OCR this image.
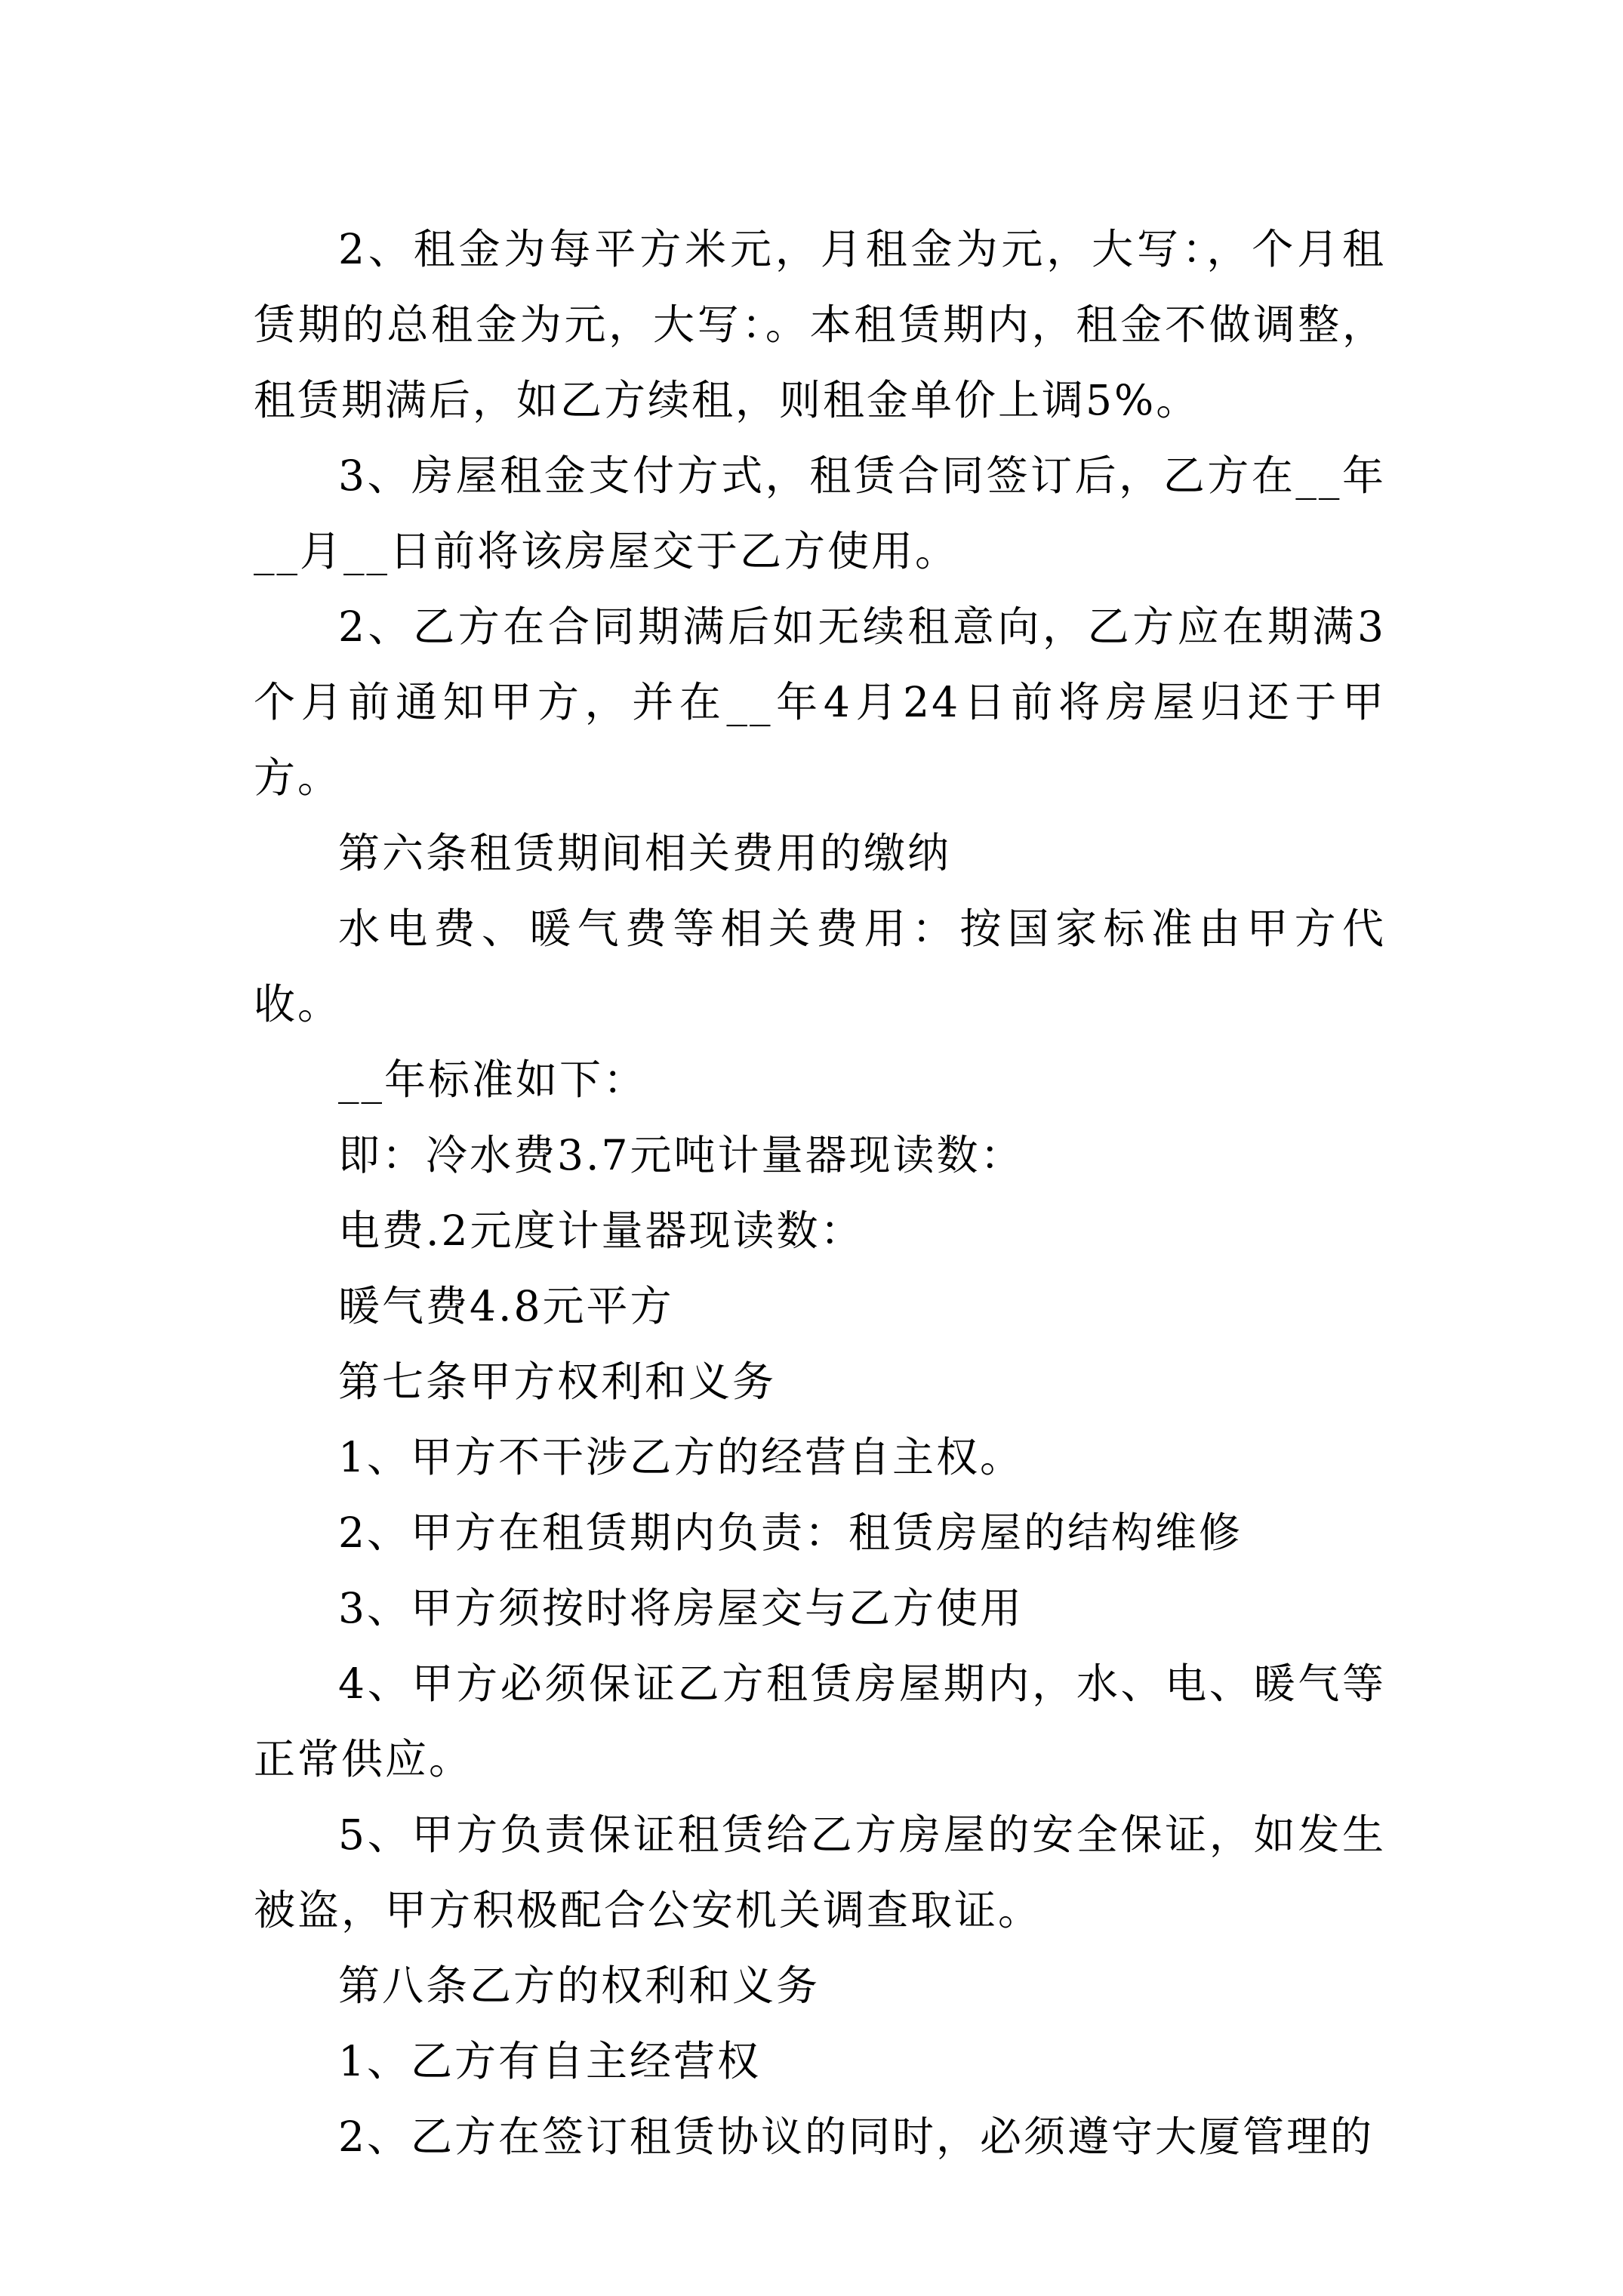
2、租金为每平方米元，月租金为元，大写：，个月租赁期的总租金为元，大写：。本租赁期内，租金不做调整，租赁期满后，如乙方续租，则租金单价上调5%。

3、房屋租金支付方式，租赁合同签订后，乙方在__年__月__日前将该房屋交于乙方使用。

2、乙方在合同期满后如无续租意向，乙方应在期满3个月前通知甲方，并在__年4月24日前将房屋归还于甲方。

第六条租赁期间相关费用的缴纳

水电费、暖气费等相关费用：按国家标准由甲方代收。

__年标准如下：

即：冷水费3.7元吨计量器现读数：

电费.2元度计量器现读数：

暖气费4.8元平方

第七条甲方权利和义务

1、甲方不干涉乙方的经营自主权。

2、甲方在租赁期内负责：租赁房屋的结构维修

3、甲方须按时将房屋交与乙方使用

4、甲方必须保证乙方租赁房屋期内，水、电、暖气等正常供应。

5、甲方负责保证租赁给乙方房屋的安全保证，如发生被盗，甲方积极配合公安机关调查取证。

第八条乙方的权利和义务

1、乙方有自主经营权

2、乙方在签订租赁协议的同时，必须遵守大厦管理的
